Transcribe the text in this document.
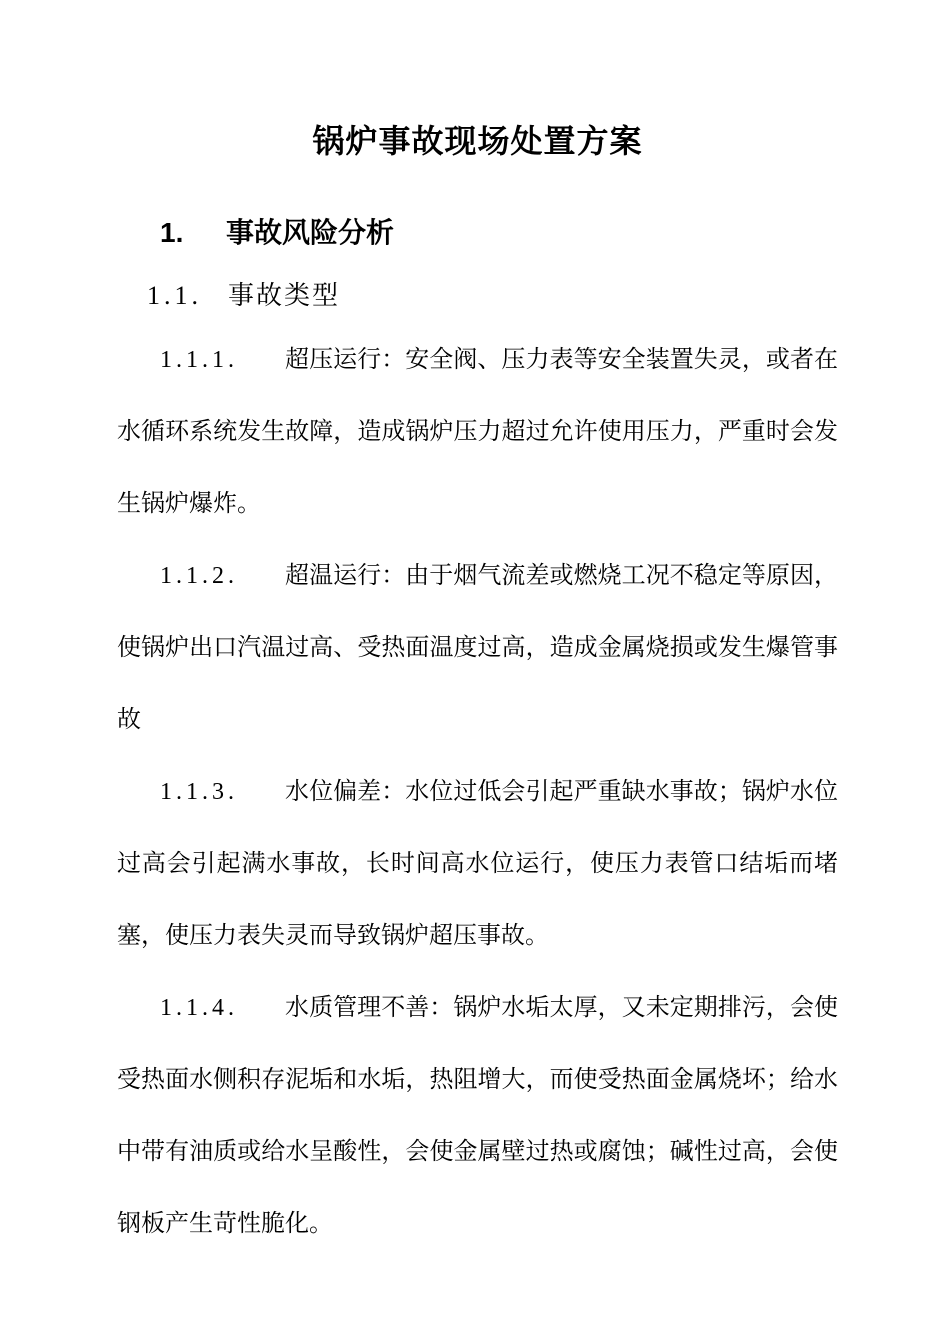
锅炉事故现场处置方案
1. 事故风险分析
1.1. 事故类型

1.1.1. 超压运行：安全阀、压力表等安全装置失灵，或者在水循环系统发生故障，造成锅炉压力超过允许使用压力，严重时会发生锅炉爆炸。

1.1.2. 超温运行：由于烟气流差或燃烧工况不稳定等原因，使锅炉出口汽温过高、受热面温度过高，造成金属烧损或发生爆管事故

1.1.3. 水位偏差：水位过低会引起严重缺水事故；锅炉水位过高会引起满水事故，长时间高水位运行，使压力表管口结垢而堵塞，使压力表失灵而导致锅炉超压事故。

1.1.4. 水质管理不善：锅炉水垢太厚，又未定期排污，会使受热面水侧积存泥垢和水垢，热阻增大，而使受热面金属烧坏；给水中带有油质或给水呈酸性，会使金属壁过热或腐蚀；碱性过高，会使钢板产生苛性脆化。
